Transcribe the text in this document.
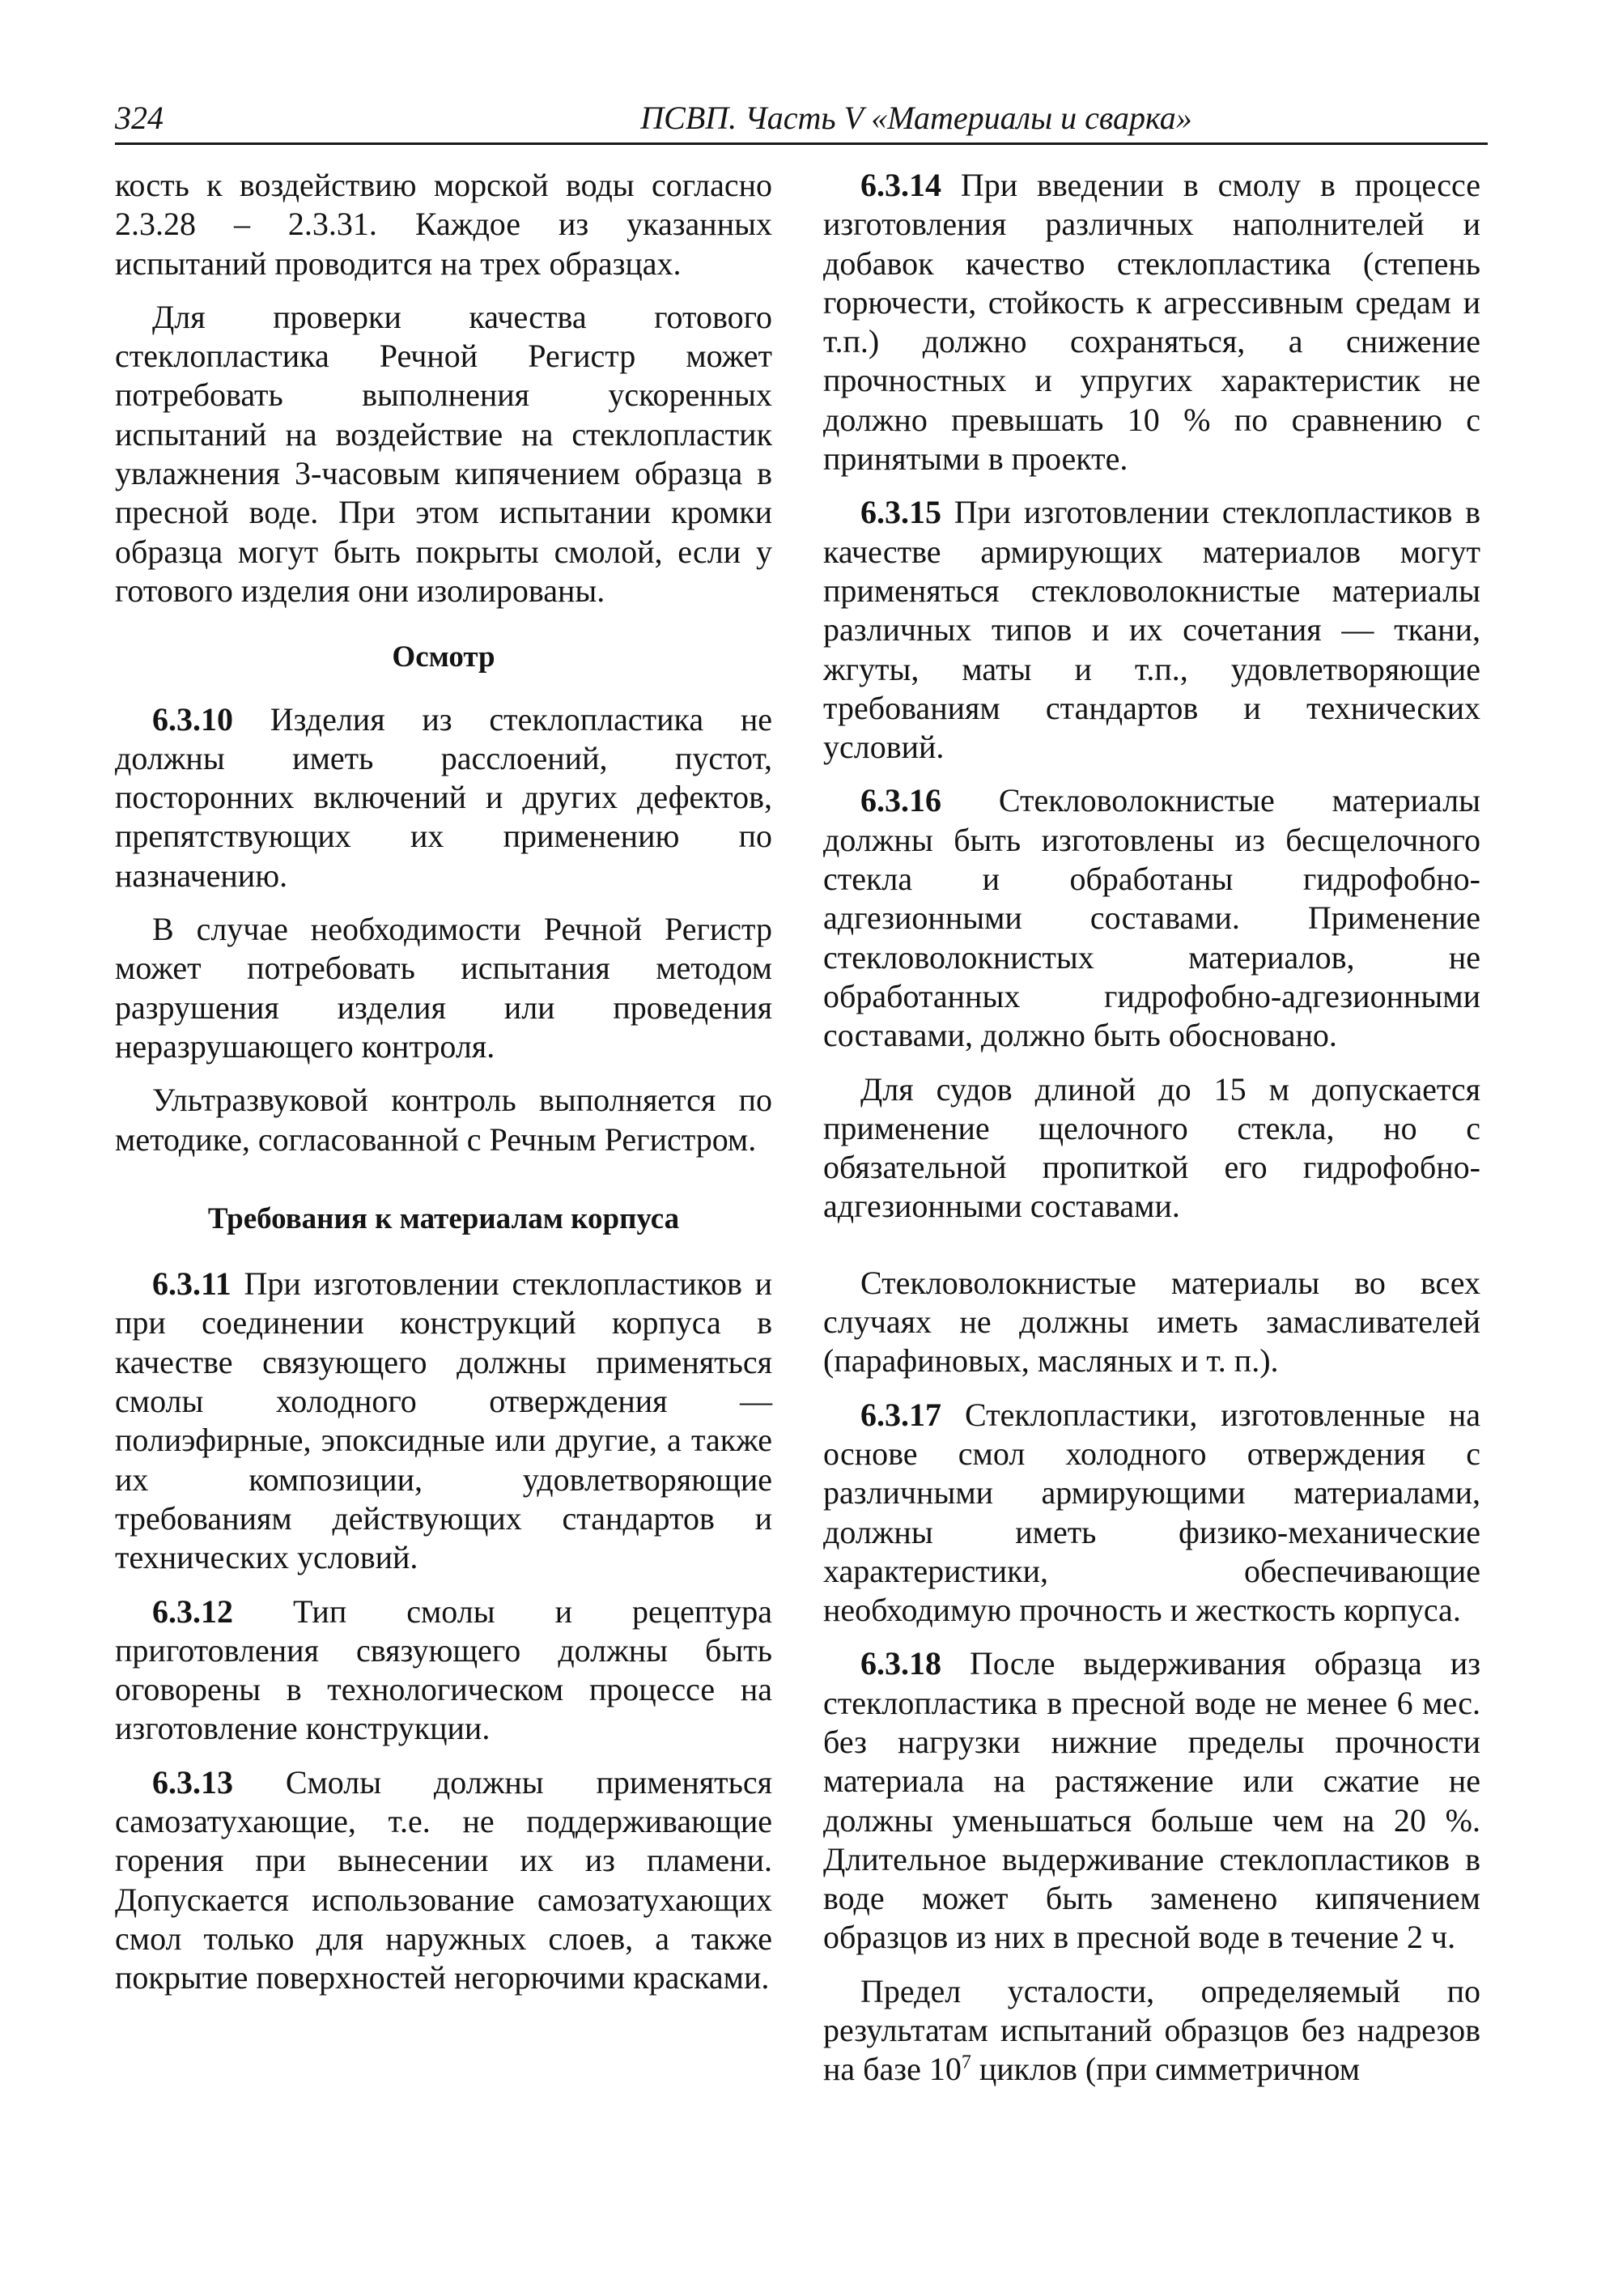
324	ПСВП. Часть V «Материалы и сварка»

кость к воздействию морской воды согласно 2.3.28 – 2.3.31. Каждое из указанных испытаний проводится на трех образцах.

Для проверки качества готового стеклопластика Речной Регистр может потребовать выполнения ускоренных испытаний на воздействие на стеклопластик увлажнения 3-часовым кипячением образца в пресной воде. При этом испытании кромки образца могут быть покрыты смолой, если у готового изделия они изолированы.

Осмотр

6.3.10 Изделия из стеклопластика не должны иметь расслоений, пустот, посторонних включений и других дефектов, препятствующих их применению по назначению.

В случае необходимости Речной Регистр может потребовать испытания методом разрушения изделия или проведения неразрушающего контроля.

Ультразвуковой контроль выполняется по методике, согласованной с Речным Регистром.

Требования к материалам корпуса

6.3.11 При изготовлении стеклопластиков и при соединении конструкций корпуса в качестве связующего должны применяться смолы холодного отверждения — полиэфирные, эпоксидные или другие, а также их композиции, удовлетворяющие требованиям действующих стандартов и технических условий.

6.3.12 Тип смолы и рецептура приготовления связующего должны быть оговорены в технологическом процессе на изготовление конструкции.

6.3.13 Смолы должны применяться самозатухающие, т.е. не поддерживающие горения при вынесении их из пламени. Допускается использование самозатухающих смол только для наружных слоев, а также покрытие поверхностей негорючими красками.

6.3.14 При введении в смолу в процессе изготовления различных наполнителей и добавок качество стеклопластика (степень горючести, стойкость к агрессивным средам и т.п.) должно сохраняться, а снижение прочностных и упругих характеристик не должно превышать 10 % по сравнению с принятыми в проекте.

6.3.15 При изготовлении стеклопластиков в качестве армирующих материалов могут применяться стекловолокнистые материалы различных типов и их сочетания — ткани, жгуты, маты и т.п., удовлетворяющие требованиям стандартов и технических условий.

6.3.16 Стекловолокнистые материалы должны быть изготовлены из бесщелочного стекла и обработаны гидрофобно-адгезионными составами. Применение стекловолокнистых материалов, не обработанных гидрофобно-адгезионными составами, должно быть обосновано.

Для судов длиной до 15 м допускается применение щелочного стекла, но с обязательной пропиткой его гидрофобно-адгезионными составами.

Стекловолокнистые материалы во всех случаях не должны иметь замасливателей (парафиновых, масляных и т. п.).

6.3.17 Стеклопластики, изготовленные на основе смол холодного отверждения с различными армирующими материалами, должны иметь физико-механические характеристики, обеспечивающие необходимую прочность и жесткость корпуса.

6.3.18 После выдерживания образца из стеклопластика в пресной воде не менее 6 мес. без нагрузки нижние пределы прочности материала на растяжение или сжатие не должны уменьшаться больше чем на 20 %. Длительное выдерживание стеклопластиков в воде может быть заменено кипячением образцов из них в пресной воде в течение 2 ч.

Предел усталости, определяемый по результатам испытаний образцов без надрезов на базе $10^7$ циклов (при симметричном
